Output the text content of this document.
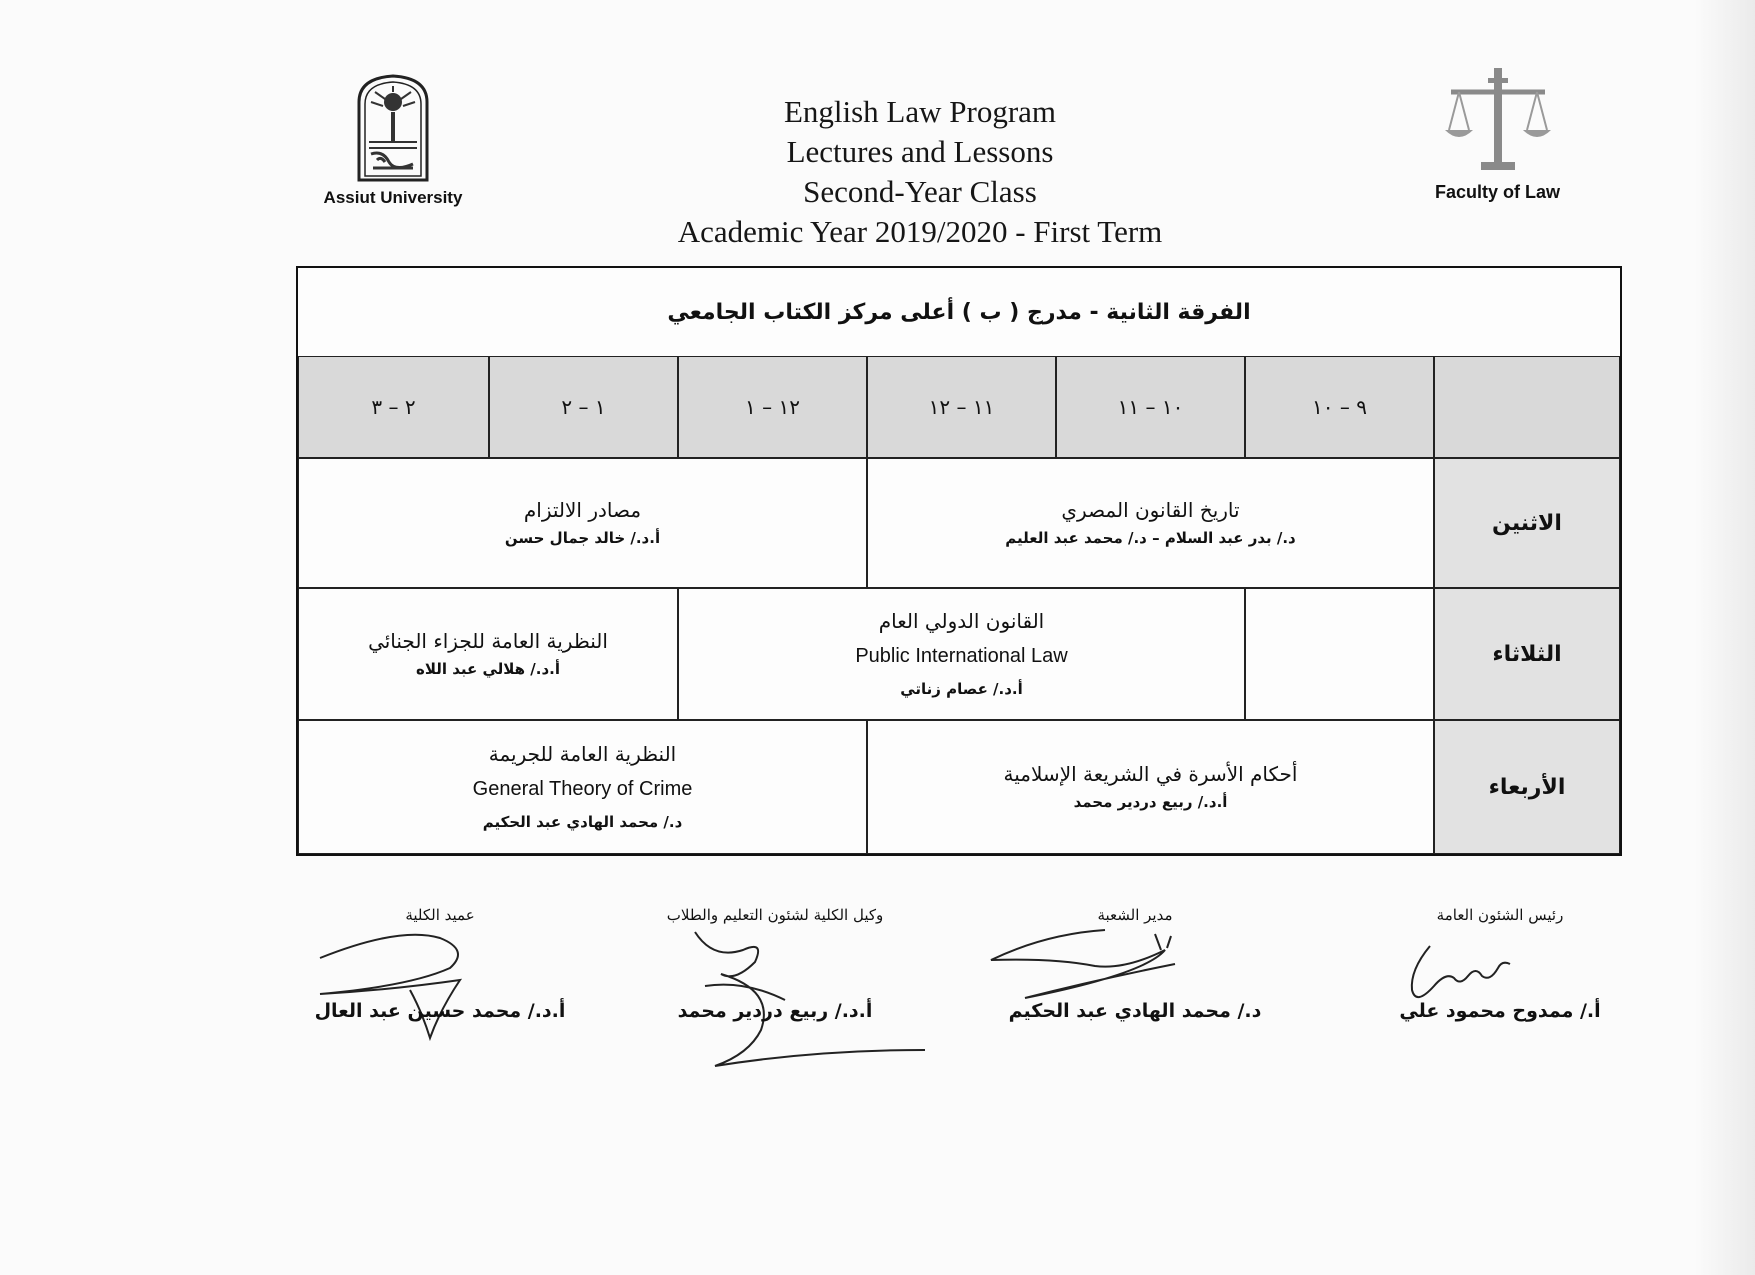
Assiut University
English Law Program
Lectures and Lessons
Second-Year Class
Academic Year 2019/2020 - First Term
Faculty of Law
الفرقة الثانية - مدرج ( ب ) أعلى مركز الكتاب الجامعي
٩ – ١٠
١٠ – ١١
١١ – ١٢
١٢ – ١
١ – ٢
٢ – ٣
الاثنين
تاريخ القانون المصري
د./ بدر عبد السلام – د./ محمد عبد العليم
مصادر الالتزام
أ.د./ خالد جمال حسن
الثلاثاء
القانون الدولي العام
Public International Law
أ.د./ عصام زناتي
النظرية العامة للجزاء الجنائي
أ.د./ هلالي عبد اللاه
الأربعاء
أحكام الأسرة في الشريعة الإسلامية
أ.د./ ربيع دردير محمد
النظرية العامة للجريمة
General Theory of Crime
د./ محمد الهادي عبد الحكيم
رئيس الشئون العامة
أ./ ممدوح محمود علي
مدير الشعبة
د./ محمد الهادي عبد الحكيم
وكيل الكلية لشئون التعليم والطلاب
أ.د./ ربيع دردير محمد
عميد الكلية
أ.د./ محمد حسين عبد العال
